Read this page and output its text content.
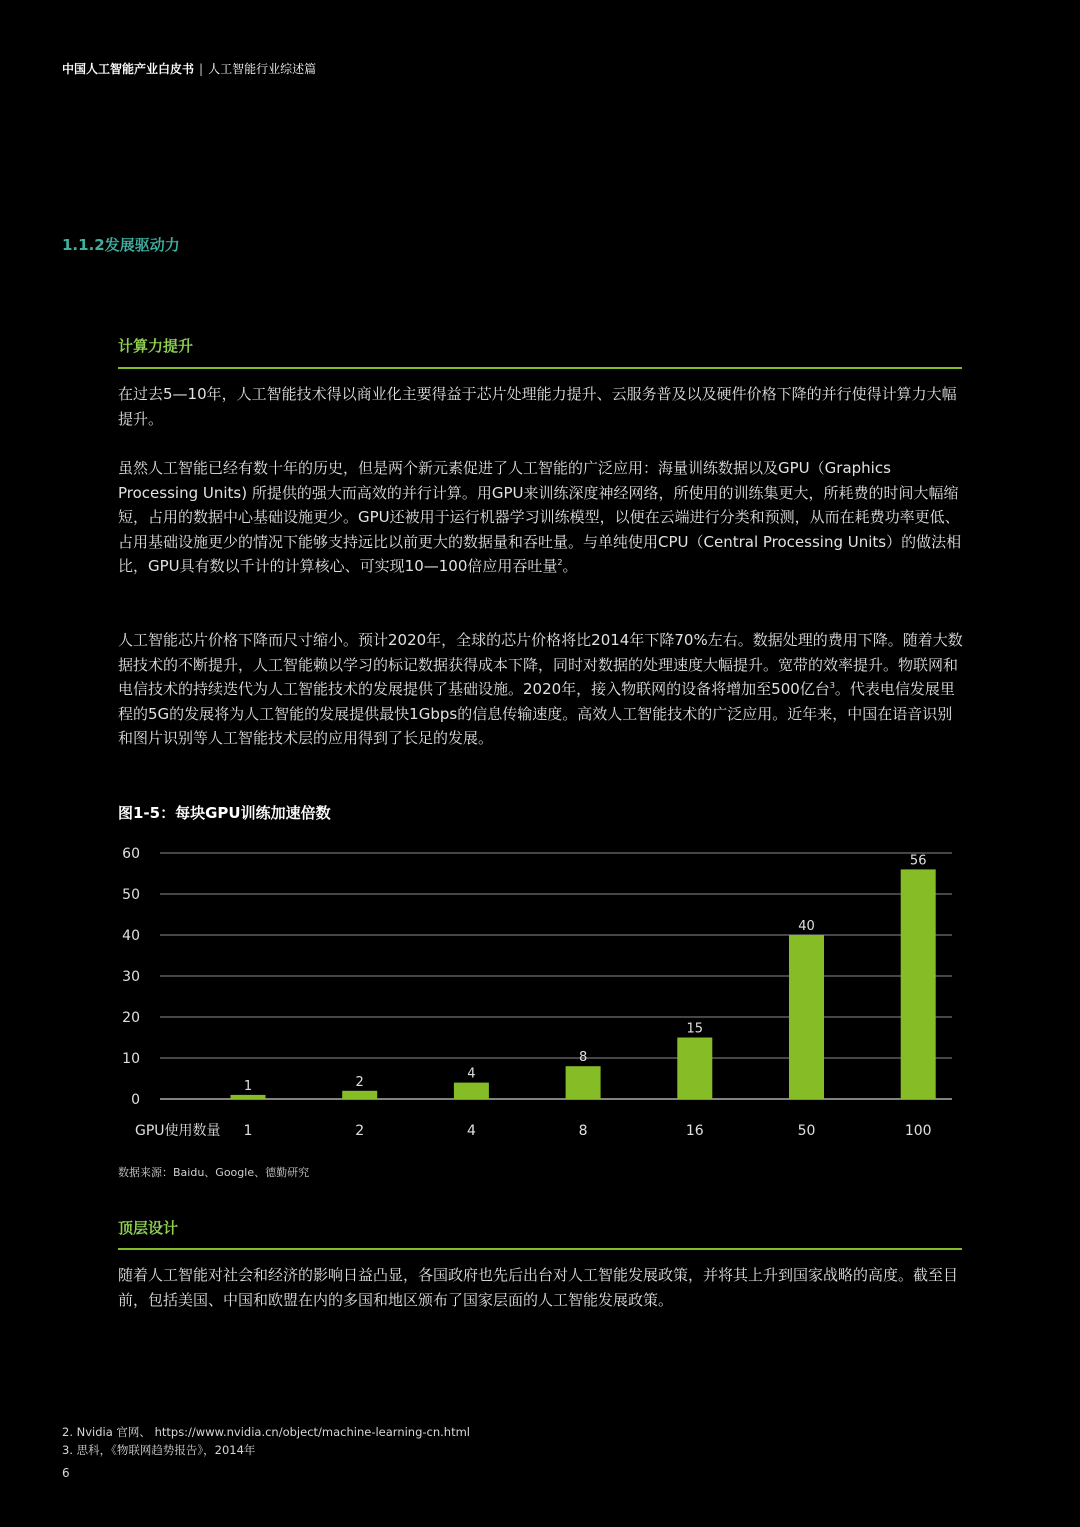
中国人工智能产业白皮书 | 人工智能行业综述篇
1.1.2发展驱动力
计算力提升

在过去5—10年，人工智能技术得以商业化主要得益于芯片处理能力提升、云服务普及以及硬件价格下降的并行使得计算力大幅提升。

虽然人工智能已经有数十年的历史，但是两个新元素促进了人工智能的广泛应用：海量训练数据以及GPU（Graphics Processing Units) 所提供的强大而高效的并行计算。用GPU来训练深度神经网络，所使用的训练集更大，所耗费的时间大幅缩短，占用的数据中心基础设施更少。GPU还被用于运行机器学习训练模型，以便在云端进行分类和预测，从而在耗费功率更低、占用基础设施更少的情况下能够支持远比以前更大的数据量和吞吐量。与单纯使用CPU（Central Processing Units）的做法相比，GPU具有数以千计的计算核心、可实现10—100倍应用吞吐量$^2$。

人工智能芯片价格下降而尺寸缩小。预计2020年，全球的芯片价格将比2014年下降70%左右。数据处理的费用下降。随着大数据技术的不断提升，人工智能赖以学习的标记数据获得成本下降，同时对数据的处理速度大幅提升。宽带的效率提升。物联网和电信技术的持续迭代为人工智能技术的发展提供了基础设施。2020年，接入物联网的设备将增加至500亿台$^3$。代表电信发展里程的5G的发展将为人工智能的发展提供最快1Gbps的信息传输速度。高效人工智能技术的广泛应用。近年来，中国在语音识别和图片识别等人工智能技术层的应用得到了长足的发展。

图1-5：每块GPU训练加速倍数
0
10
20
30
40
50
60
1	2
4
8
15
40
56
1	2	4	8	16	50	100
GPU使用数量
数据来源：Baidu、Google、德勤研究
顶层设计

随着人工智能对社会和经济的影响日益凸显，各国政府也先后出台对人工智能发展政策，并将其上升到国家战略的高度。截至目前，包括美国、中国和欧盟在内的多国和地区颁布了国家层面的人工智能发展政策。

2. Nvidia 官网、 https://www.nvidia.cn/object/machine-learning-cn.html
3. 思科，《物联网趋势报告》，2014年
6
